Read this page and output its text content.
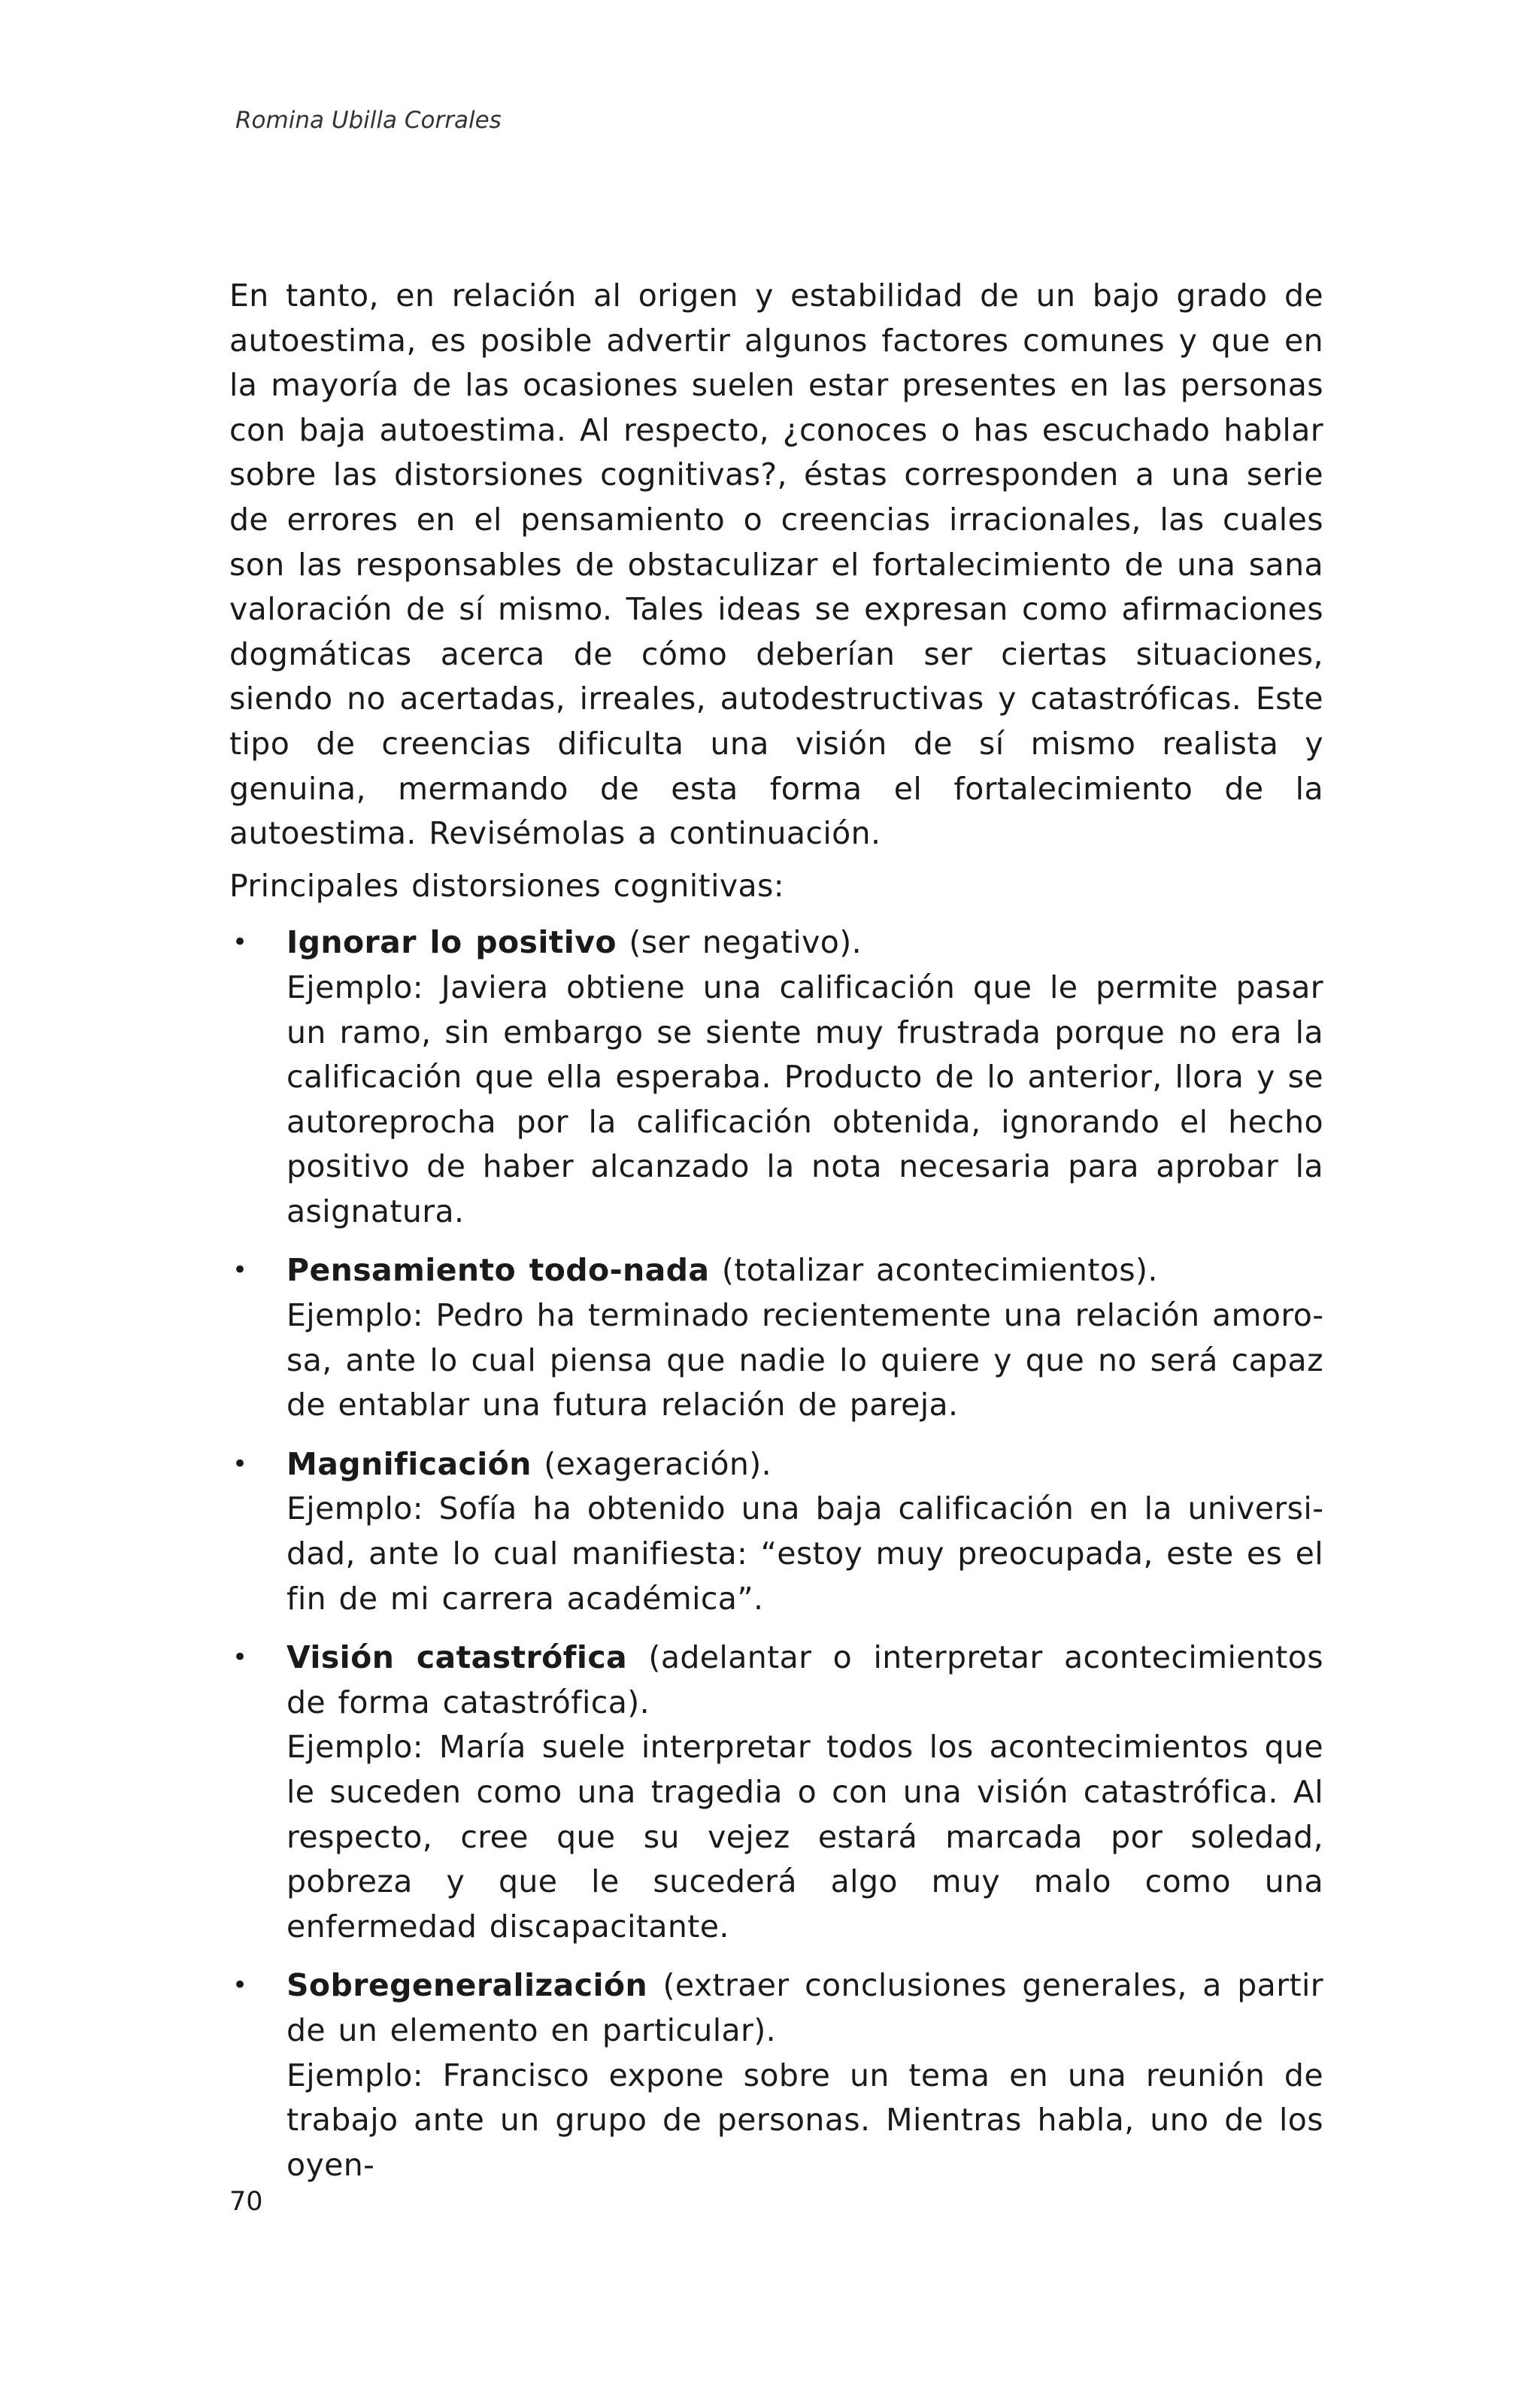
Romina Ubilla Corrales

En tanto, en relación al origen y estabilidad de un bajo grado de autoestima, es posible advertir algunos factores comunes y que en la mayoría de las ocasiones suelen estar presentes en las personas con baja autoestima. Al respecto, ¿conoces o has escuchado hablar sobre las distorsiones cognitivas?, éstas corresponden a una serie de errores en el pensamiento o creencias irracionales, las cuales son las responsables de obstaculizar el fortalecimiento de una sana valoración de sí mismo. Tales ideas se expresan como afirmaciones dogmáticas acerca de cómo deberían ser ciertas situaciones, siendo no acertadas, irreales, autodestructivas y catastróficas. Este tipo de creencias dificulta una visión de sí mismo realista y genuina, mermando de esta forma el fortalecimiento de la autoestima. Revisémolas a continuación.

Principales distorsiones cognitivas:

• Ignorar lo positivo (ser negativo).
Ejemplo: Javiera obtiene una calificación que le permite pasar un ramo, sin embargo se siente muy frustrada porque no era la calificación que ella esperaba. Producto de lo anterior, llora y se autoreprocha por la calificación obtenida, ignorando el hecho positivo de haber alcanzado la nota necesaria para aprobar la asignatura.
• Pensamiento todo-nada (totalizar acontecimientos).
Ejemplo: Pedro ha terminado recientemente una relación amorosa, ante lo cual piensa que nadie lo quiere y que no será capaz de entablar una futura relación de pareja.
• Magnificación (exageración).
Ejemplo: Sofía ha obtenido una baja calificación en la universidad, ante lo cual manifiesta: “estoy muy preocupada, este es el fin de mi carrera académica”.
• Visión catastrófica (adelantar o interpretar acontecimientos de forma catastrófica).
Ejemplo: María suele interpretar todos los acontecimientos que le suceden como una tragedia o con una visión catastrófica. Al respecto, cree que su vejez estará marcada por soledad, pobreza y que le sucederá algo muy malo como una enfermedad discapacitante.
• Sobregeneralización (extraer conclusiones generales, a partir de un elemento en particular).
Ejemplo: Francisco expone sobre un tema en una reunión de trabajo ante un grupo de personas. Mientras habla, uno de los oyen-
70
